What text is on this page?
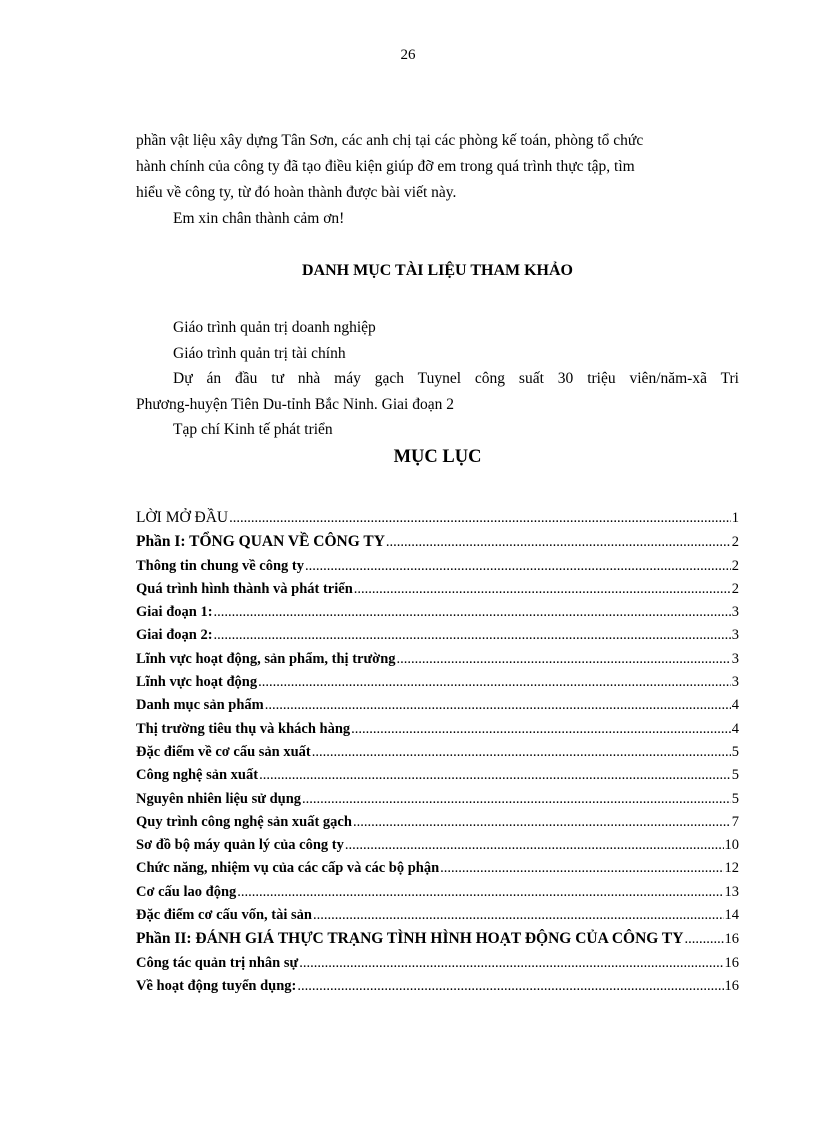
26

phần vật liệu xây dựng Tân Sơn, các anh chị tại các phòng kế toán, phòng tổ chức

hành chính của công ty đã tạo điều kiện giúp đỡ em trong quá trình thực tập, tìm

hiểu về công ty, từ đó hoàn thành được bài viết này.

Em xin chân thành cảm ơn!

DANH MỤC TÀI LIỆU THAM KHẢO

Giáo trình quản trị doanh nghiệp

Giáo trình quản trị tài chính

Dự án đầu tư nhà máy gạch Tuynel công suất 30 triệu viên/năm-xã Tri

Phương-huyện Tiên Du-tỉnh Bắc Ninh. Giai đoạn 2

Tạp chí Kinh tế phát triển

MỤC LỤC
LỜI MỞ ĐẦU .....	1
Phần I: TỔNG QUAN VỀ CÔNG TY .....	2
Thông tin chung về công ty .....	2
Quá trình hình thành và phát triển .....	2
Giai đoạn 1: .....	3
Giai đoạn 2: .....	3
Lĩnh vực hoạt động, sản phẩm, thị trường .....	3
Lĩnh vực hoạt động .....	3
Danh mục sản phẩm .....	4
Thị trường tiêu thụ và khách hàng .....	4
Đặc điểm về cơ cấu sản xuất .....	5
Công nghệ sản xuất .....	5
Nguyên nhiên liệu sử dụng .....	5
Quy trình công nghệ sản xuất gạch .....	7
Sơ đồ bộ máy quản lý của công ty .....	10
Chức năng, nhiệm vụ của các cấp và các bộ phận .....	12
Cơ cấu lao động .....	13
Đặc điểm cơ cấu vốn, tài sản .....	14
Phần II: ĐÁNH GIÁ THỰC TRẠNG TÌNH HÌNH HOẠT ĐỘNG CỦA CÔNG TY .....	16
Công tác quản trị nhân sự .....	16
Về hoạt động tuyển dụng: .....	16
